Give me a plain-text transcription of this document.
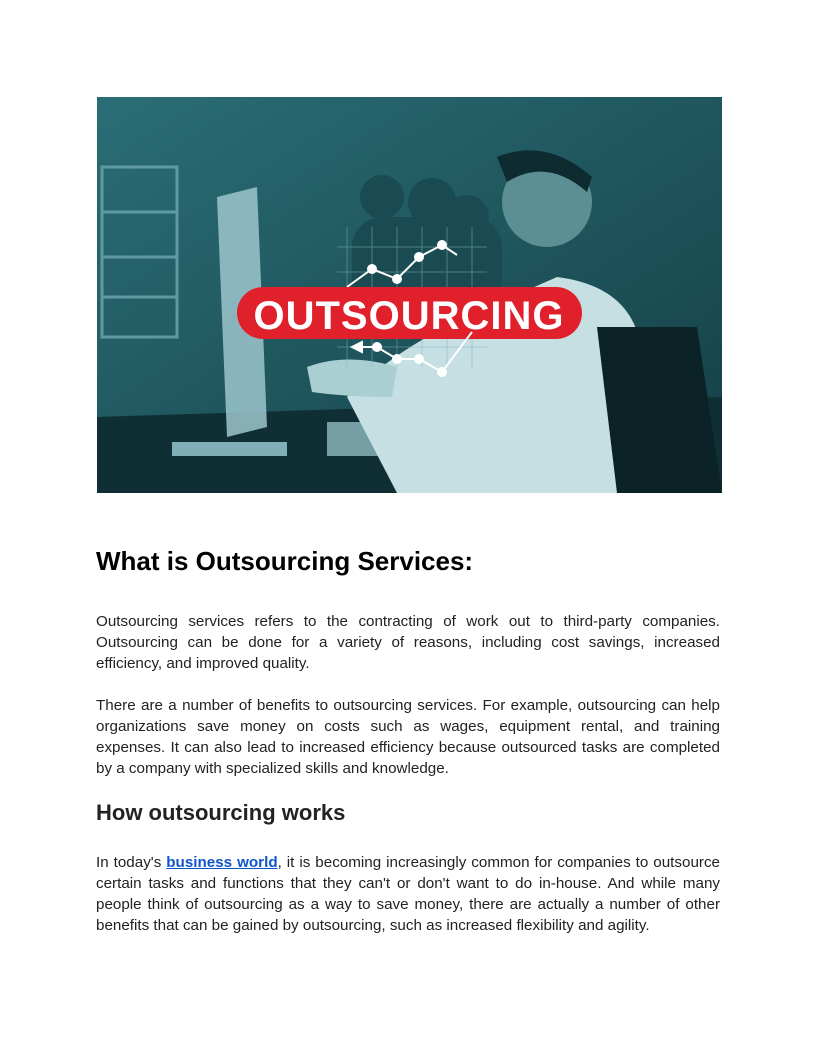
OUTSOURCING
What is Outsourcing Services:

Outsourcing services refers to the contracting of work out to third-party companies. Outsourcing can be done for a variety of reasons, including cost savings, increased efficiency, and improved quality.

There are a number of benefits to outsourcing services. For example, outsourcing can help organizations save money on costs such as wages, equipment rental, and training expenses. It can also lead to increased efficiency because outsourced tasks are completed by a company with specialized skills and knowledge.

How outsourcing works

In today's business world, it is becoming increasingly common for companies to outsource certain tasks and functions that they can't or don't want to do in-house. And while many people think of outsourcing as a way to save money, there are actually a number of other benefits that can be gained by outsourcing, such as increased flexibility and agility.
